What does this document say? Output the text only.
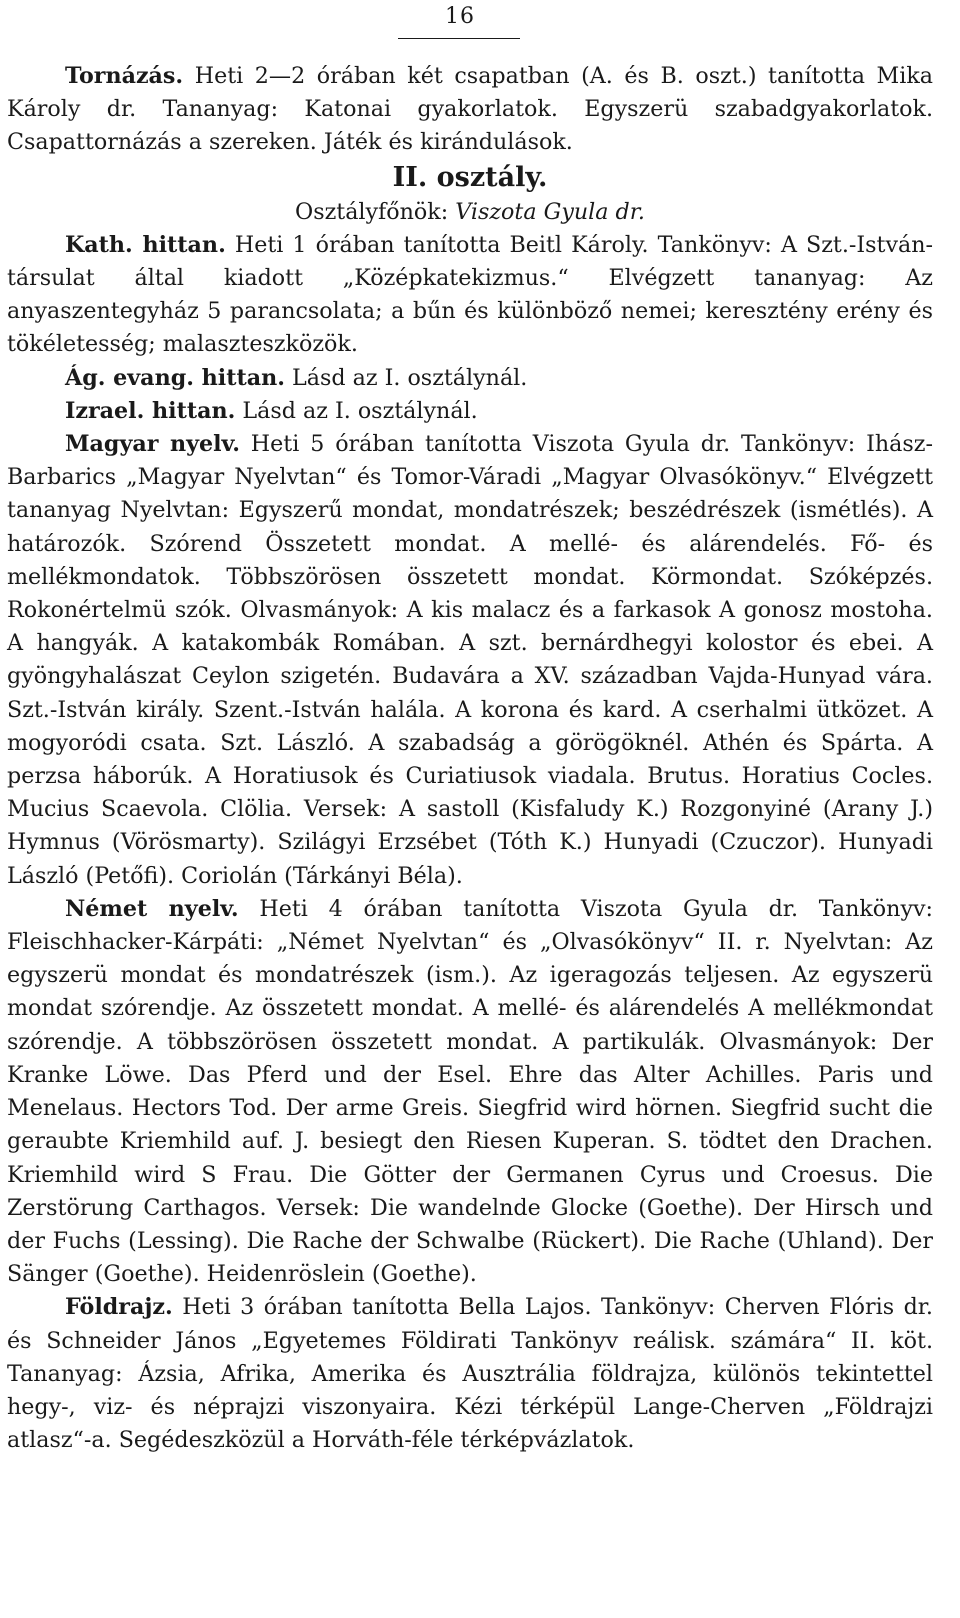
16

Tornázás. Heti 2—2 órában két csapatban (A. és B. oszt.) tanította Mika Károly dr. Tananyag: Katonai gyakorlatok. Egyszerü szabadgyakorlatok. Csapattornázás a szereken. Játék és kirándulások.

II. osztály.

Osztályfőnök: Viszota Gyula dr.

Kath. hittan. Heti 1 órában tanította Beitl Károly. Tankönyv: A Szt.-István-társulat által kiadott „Középkatekizmus.“ Elvégzett tananyag: Az anyaszentegyház 5 parancsolata; a bűn és különböző nemei; keresztény erény és tökéletesség; malaszteszközök.

Ág. evang. hittan. Lásd az I. osztálynál.

Izrael. hittan. Lásd az I. osztálynál.

Magyar nyelv. Heti 5 órában tanította Viszota Gyula dr. Tankönyv: Ihász-Barbarics „Magyar Nyelvtan“ és Tomor-Váradi „Magyar Olvasókönyv.“ Elvégzett tananyag Nyelvtan: Egyszerű mondat, mondatrészek; beszédrészek (ismétlés). A határozók. Szórend Összetett mondat. A mellé- és alárendelés. Fő- és mellékmondatok. Többszörösen összetett mondat. Körmondat. Szóképzés. Rokonértelmü szók. Olvasmányok: A kis malacz és a farkasok A gonosz mostoha. A hangyák. A katakombák Romában. A szt. bernárdhegyi kolostor és ebei. A gyöngyhalászat Ceylon szigetén. Budavára a XV. században Vajda-Hunyad vára. Szt.-István király. Szent.-István halála. A korona és kard. A cserhalmi ütközet. A mogyoródi csata. Szt. László. A szabadság a görögöknél. Athén és Spárta. A perzsa háborúk. A Horatiusok és Curiatiusok viadala. Brutus. Horatius Cocles. Mucius Scaevola. Clölia. Versek: A sastoll (Kisfaludy K.) Rozgonyiné (Arany J.) Hymnus (Vörösmarty). Szilágyi Erzsébet (Tóth K.) Hunyadi (Czuczor). Hunyadi László (Petőfi). Coriolán (Tárkányi Béla).

Német nyelv. Heti 4 órában tanította Viszota Gyula dr. Tankönyv: Fleischhacker-Kárpáti: „Német Nyelvtan“ és „Olvasókönyv“ II. r. Nyelvtan: Az egyszerü mondat és mondatrészek (ism.). Az igeragozás teljesen. Az egyszerü mondat szórendje. Az összetett mondat. A mellé- és alárendelés A mellékmondat szórendje. A többszörösen összetett mondat. A partikulák. Olvasmányok: Der Kranke Löwe. Das Pferd und der Esel. Ehre das Alter Achilles. Paris und Menelaus. Hectors Tod. Der arme Greis. Siegfrid wird hörnen. Siegfrid sucht die geraubte Kriemhild auf. J. besiegt den Riesen Kuperan. S. tödtet den Drachen. Kriemhild wird S Frau. Die Götter der Germanen Cyrus und Croesus. Die Zerstörung Carthagos. Versek: Die wandelnde Glocke (Goethe). Der Hirsch und der Fuchs (Lessing). Die Rache der Schwalbe (Rückert). Die Rache (Uhland). Der Sänger (Goethe). Heidenröslein (Goethe).

Földrajz. Heti 3 órában tanította Bella Lajos. Tankönyv: Cherven Flóris dr. és Schneider János „Egyetemes Földirati Tankönyv reálisk. számára“ II. köt. Tananyag: Ázsia, Afrika, Amerika és Ausztrália földrajza, különös tekintettel hegy-, viz- és néprajzi viszonyaira. Kézi térképül Lange-Cherven „Földrajzi atlasz“-a. Segédeszközül a Horváth-féle térképvázlatok.
